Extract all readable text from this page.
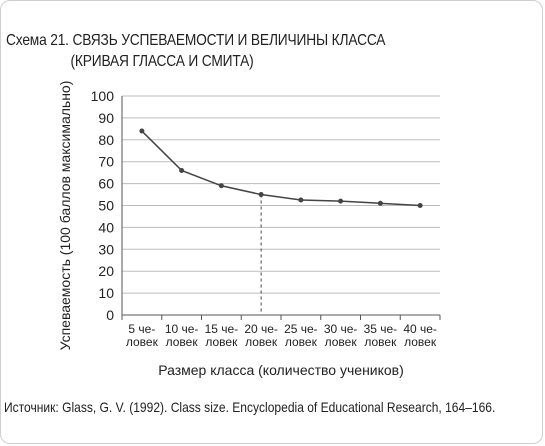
Схема 21. СВЯЗЬ УСПЕВАЕМОСТИ И ВЕЛИЧИНЫ КЛАССА
(КРИВАЯ ГЛАССА И СМИТА)
0
10
20
30
40
50
60
70
80
90
100
5 че-ловек
10 че-ловек
15 че-ловек
20 че-ловек
25 че-ловек
30 че-ловек
35 че-ловек
40 че-ловек
Размер класса (количество учеников)
Успеваемость (100 баллов максимально)
Источник: Glass, G. V. (1992). Class size. Encyclopedia of Educational Research, 164–166.
